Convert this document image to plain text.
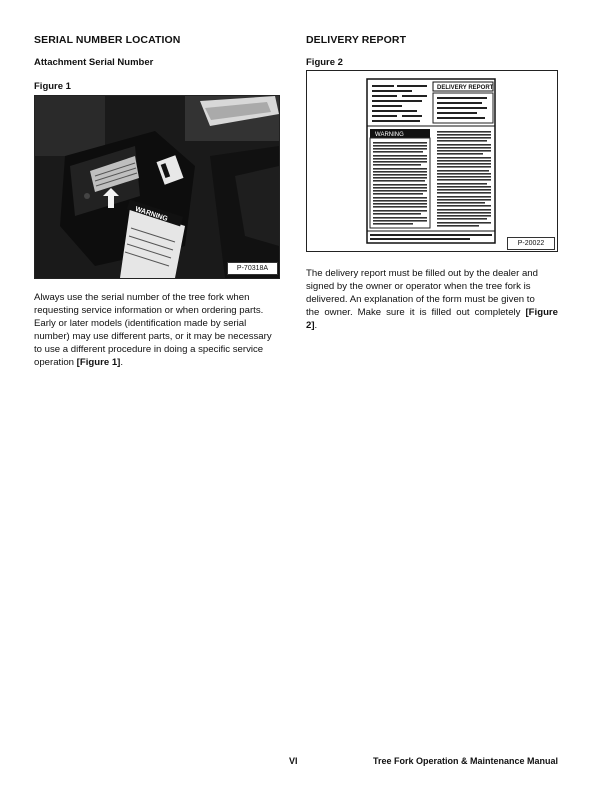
SERIAL NUMBER LOCATION
Attachment Serial Number
Figure 1
WARNING
P-70318A
Always use the serial number of the tree fork when
requesting service information or when ordering parts.
Early or later models (identification made by serial
number) may use different parts, or it may be necessary
to use a different procedure in doing a specific service
operation [Figure 1].
DELIVERY REPORT
Figure 2
DELIVERY REPORT
WARNING
P-20022
The delivery report must be filled out by the dealer and
signed by the owner or operator when the tree fork is
delivered. An explanation of the form must be given to
the owner. Make sure it is filled out completely [Figure
2].
VI	Tree Fork Operation & Maintenance Manual
